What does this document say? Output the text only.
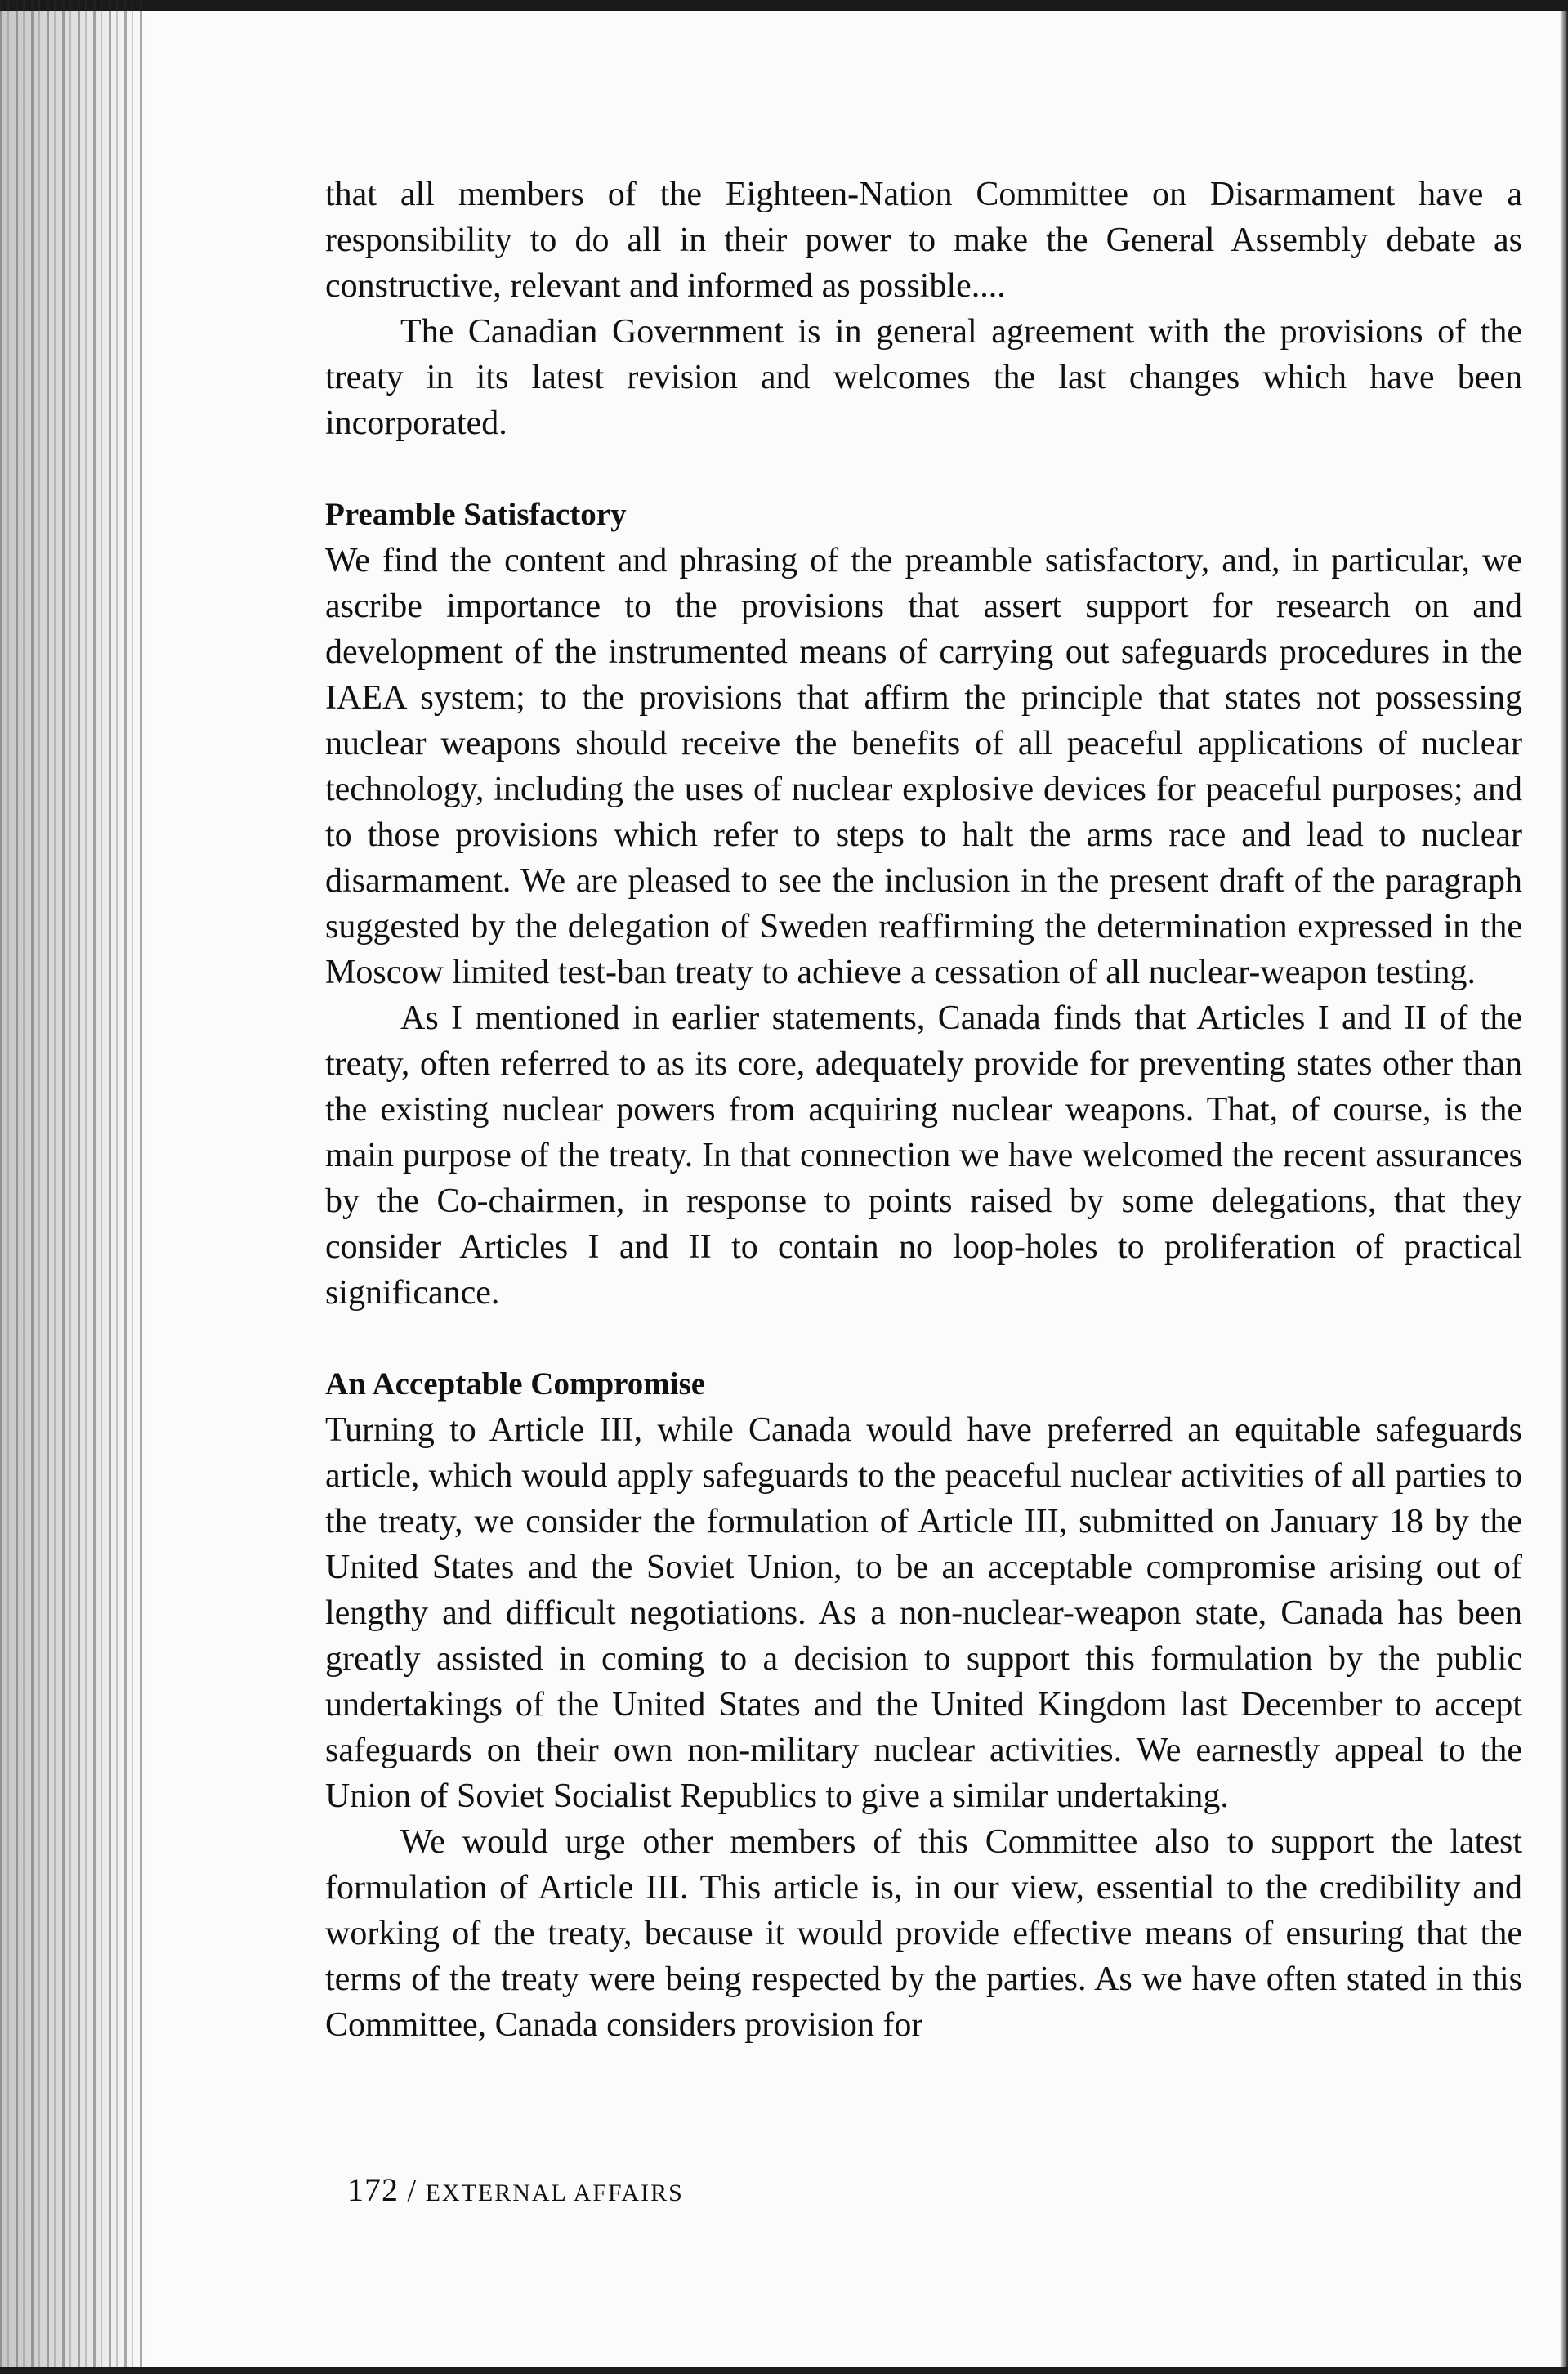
that all members of the Eighteen-Nation Committee on Disarmament have a responsibility to do all in their power to make the General Assembly debate as constructive, relevant and informed as possible....

The Canadian Government is in general agreement with the provisions of the treaty in its latest revision and welcomes the last changes which have been incorporated.

Preamble Satisfactory

We find the content and phrasing of the preamble satisfactory, and, in particular, we ascribe importance to the provisions that assert support for research on and development of the instrumented means of carrying out safeguards procedures in the IAEA system; to the provisions that affirm the principle that states not possessing nuclear weapons should receive the benefits of all peaceful applications of nuclear technology, including the uses of nuclear explosive devices for peaceful purposes; and to those provisions which refer to steps to halt the arms race and lead to nuclear disarmament. We are pleased to see the inclusion in the present draft of the paragraph suggested by the delegation of Sweden reaffirming the determination expressed in the Moscow limited test-ban treaty to achieve a cessation of all nuclear-weapon testing.

As I mentioned in earlier statements, Canada finds that Articles I and II of the treaty, often referred to as its core, adequately provide for preventing states other than the existing nuclear powers from acquiring nuclear weapons. That, of course, is the main purpose of the treaty. In that connection we have welcomed the recent assurances by the Co-chairmen, in response to points raised by some delegations, that they consider Articles I and II to contain no loop-holes to proliferation of practical significance.

An Acceptable Compromise

Turning to Article III, while Canada would have preferred an equitable safeguards article, which would apply safeguards to the peaceful nuclear activities of all parties to the treaty, we consider the formulation of Article III, submitted on January 18 by the United States and the Soviet Union, to be an acceptable compromise arising out of lengthy and difficult negotiations. As a non-nuclear-weapon state, Canada has been greatly assisted in coming to a decision to support this formulation by the public undertakings of the United States and the United Kingdom last December to accept safeguards on their own non-military nuclear activities. We earnestly appeal to the Union of Soviet Socialist Republics to give a similar undertaking.

We would urge other members of this Committee also to support the latest formulation of Article III. This article is, in our view, essential to the credibility and working of the treaty, because it would provide effective means of ensuring that the terms of the treaty were being respected by the parties. As we have often stated in this Committee, Canada considers provision for

172 / EXTERNAL AFFAIRS
